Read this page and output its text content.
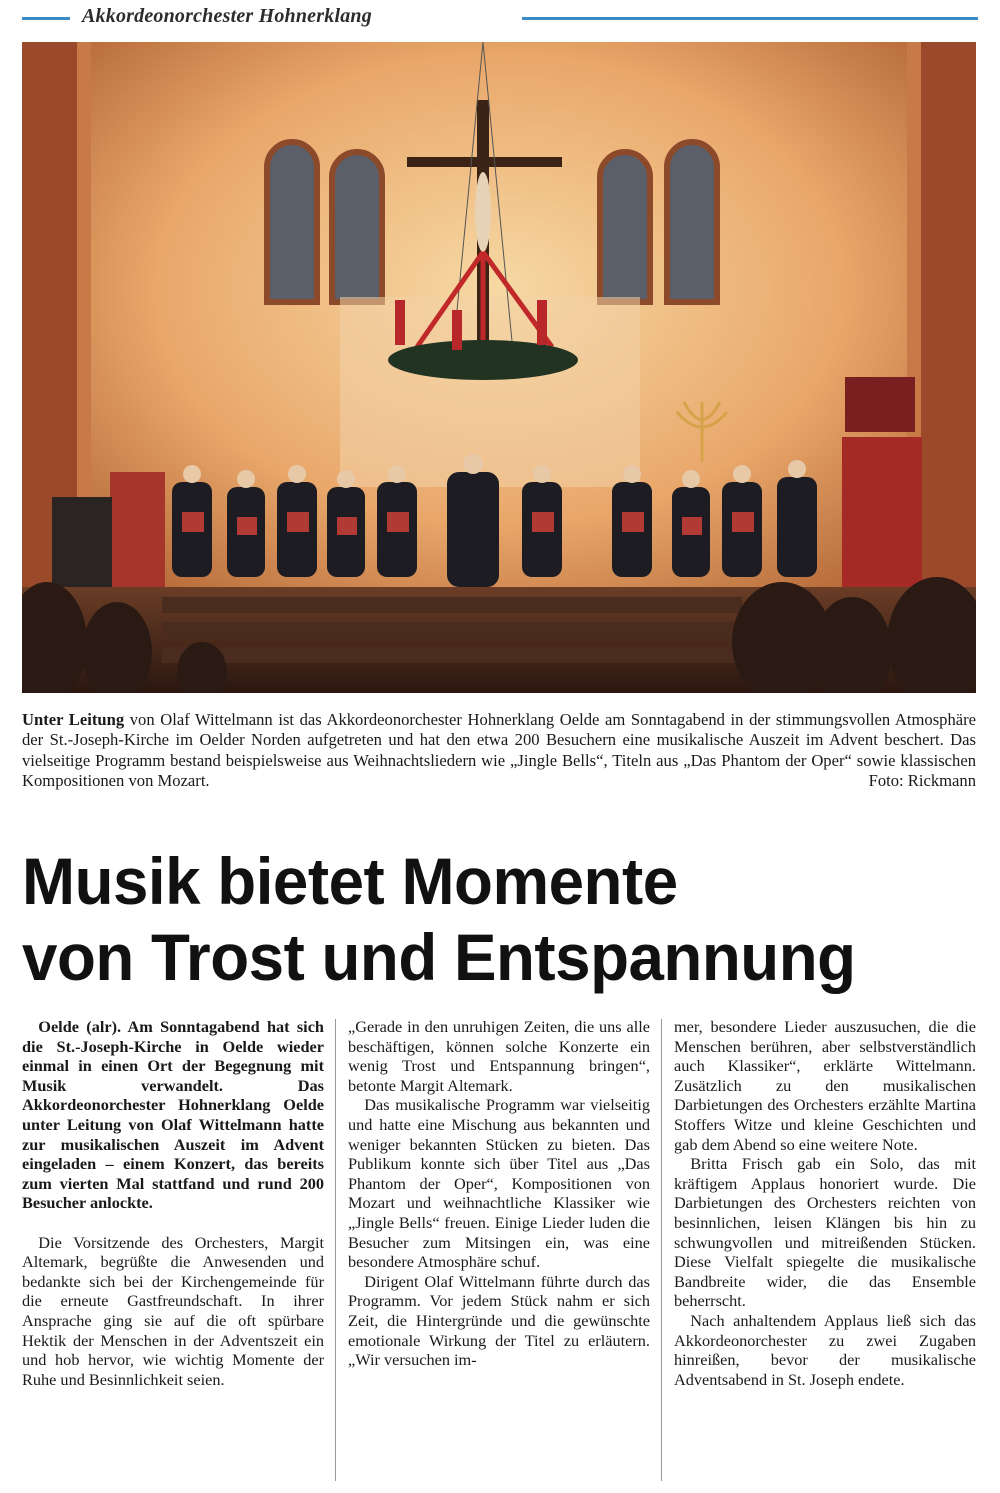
Akkordeonorchester Hohnerklang
Unter Leitung von Olaf Wittelmann ist das Akkordeonorchester Hohnerklang Oelde am Sonntagabend in der stimmungsvollen Atmosphäre der St.-Joseph-Kirche im Oelder Norden aufgetreten und hat den etwa 200 Besuchern eine musikalische Auszeit im Advent beschert. Das vielseitige Programm bestand beispielsweise aus Weihnachtsliedern wie „Jingle Bells“, Titeln aus „Das Phantom der Oper“ sowie klassischen Kompositionen von Mozart.	Foto: Rickmann
Musik bietet Momente
von Trost und Entspannung

Oelde (alr). Am Sonntagabend hat sich die St.-Joseph-Kirche in Oelde wieder einmal in einen Ort der Begegnung mit Musik verwandelt. Das Akkordeonorchester Hohnerklang Oelde unter Leitung von Olaf Wittelmann hatte zur musikalischen Auszeit im Advent eingeladen – einem Konzert, das bereits zum vierten Mal stattfand und rund 200 Besucher anlockte.

Die Vorsitzende des Orchesters, Margit Altemark, begrüßte die Anwesenden und bedankte sich bei der Kirchengemeinde für die erneute Gastfreundschaft. In ihrer Ansprache ging sie auf die oft spürbare Hektik der Menschen in der Adventszeit ein und hob hervor, wie wichtig Momente der Ruhe und Besinnlichkeit seien.

„Gerade in den unruhigen Zeiten, die uns alle beschäftigen, können solche Konzerte ein wenig Trost und Entspannung bringen“, betonte Margit Altemark.

Das musikalische Programm war vielseitig und hatte eine Mischung aus bekannten und weniger bekannten Stücken zu bieten. Das Publikum konnte sich über Titel aus „Das Phantom der Oper“, Kompositionen von Mozart und weihnachtliche Klassiker wie „Jingle Bells“ freuen. Einige Lieder luden die Besucher zum Mitsingen ein, was eine besondere Atmosphäre schuf.

Dirigent Olaf Wittelmann führte durch das Programm. Vor jedem Stück nahm er sich Zeit, die Hintergründe und die gewünschte emotionale Wirkung der Titel zu erläutern. „Wir versuchen im-

mer, besondere Lieder auszusuchen, die die Menschen berühren, aber selbstverständlich auch Klassiker“, erklärte Wittelmann. Zusätzlich zu den musikalischen Darbietungen des Orchesters erzählte Martina Stoffers Witze und kleine Geschichten und gab dem Abend so eine weitere Note.

Britta Frisch gab ein Solo, das mit kräftigem Applaus honoriert wurde. Die Darbietungen des Orchesters reichten von besinnlichen, leisen Klängen bis hin zu schwungvollen und mitreißenden Stücken. Diese Vielfalt spiegelte die musikalische Bandbreite wider, die das Ensemble beherrscht.

Nach anhaltendem Applaus ließ sich das Akkordeonorchester zu zwei Zugaben hinreißen, bevor der musikalische Adventsabend in St. Joseph endete.
